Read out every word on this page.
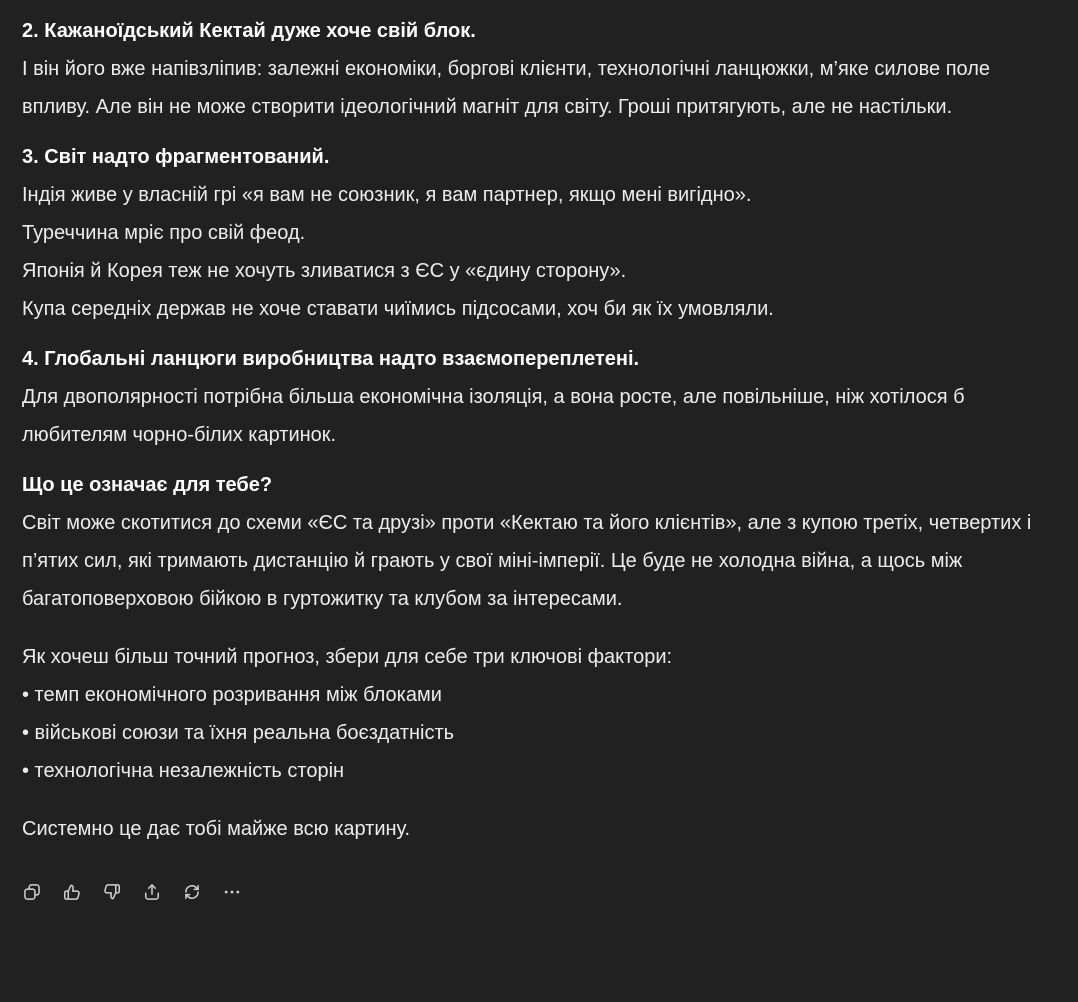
2. Кажаноїдський Кектай дуже хоче свій блок.
І він його вже напівзліпив: залежні економіки, боргові клієнти, технологічні ланцюжки, м’яке силове поле впливу. Але він не може створити ідеологічний магніт для світу. Гроші притягують, але не настільки.
3. Світ надто фрагментований.
Індія живе у власній грі «я вам не союзник, я вам партнер, якщо мені вигідно».
Туреччина мріє про свій феод.
Японія й Корея теж не хочуть зливатися з ЄС у «єдину сторону».
Купа середніх держав не хоче ставати чиїмись підсосами, хоч би як їх умовляли.
4. Глобальні ланцюги виробництва надто взаємопереплетені.
Для двополярності потрібна більша економічна ізоляція, а вона росте, але повільніше, ніж хотілося б любителям чорно-білих картинок.
Що це означає для тебе?
Світ може скотитися до схеми «ЄС та друзі» проти «Кектаю та його клієнтів», але з купою третіх, четвертих і п’ятих сил, які тримають дистанцію й грають у свої міні-імперії. Це буде не холодна війна, а щось між багатоповерховою бійкою в гуртожитку та клубом за інтересами.
Як хочеш більш точний прогноз, збери для себе три ключові фактори:
• темп економічного розривання між блоками
• військові союзи та їхня реальна боєздатність
• технологічна незалежність сторін
Системно це дає тобі майже всю картину.
